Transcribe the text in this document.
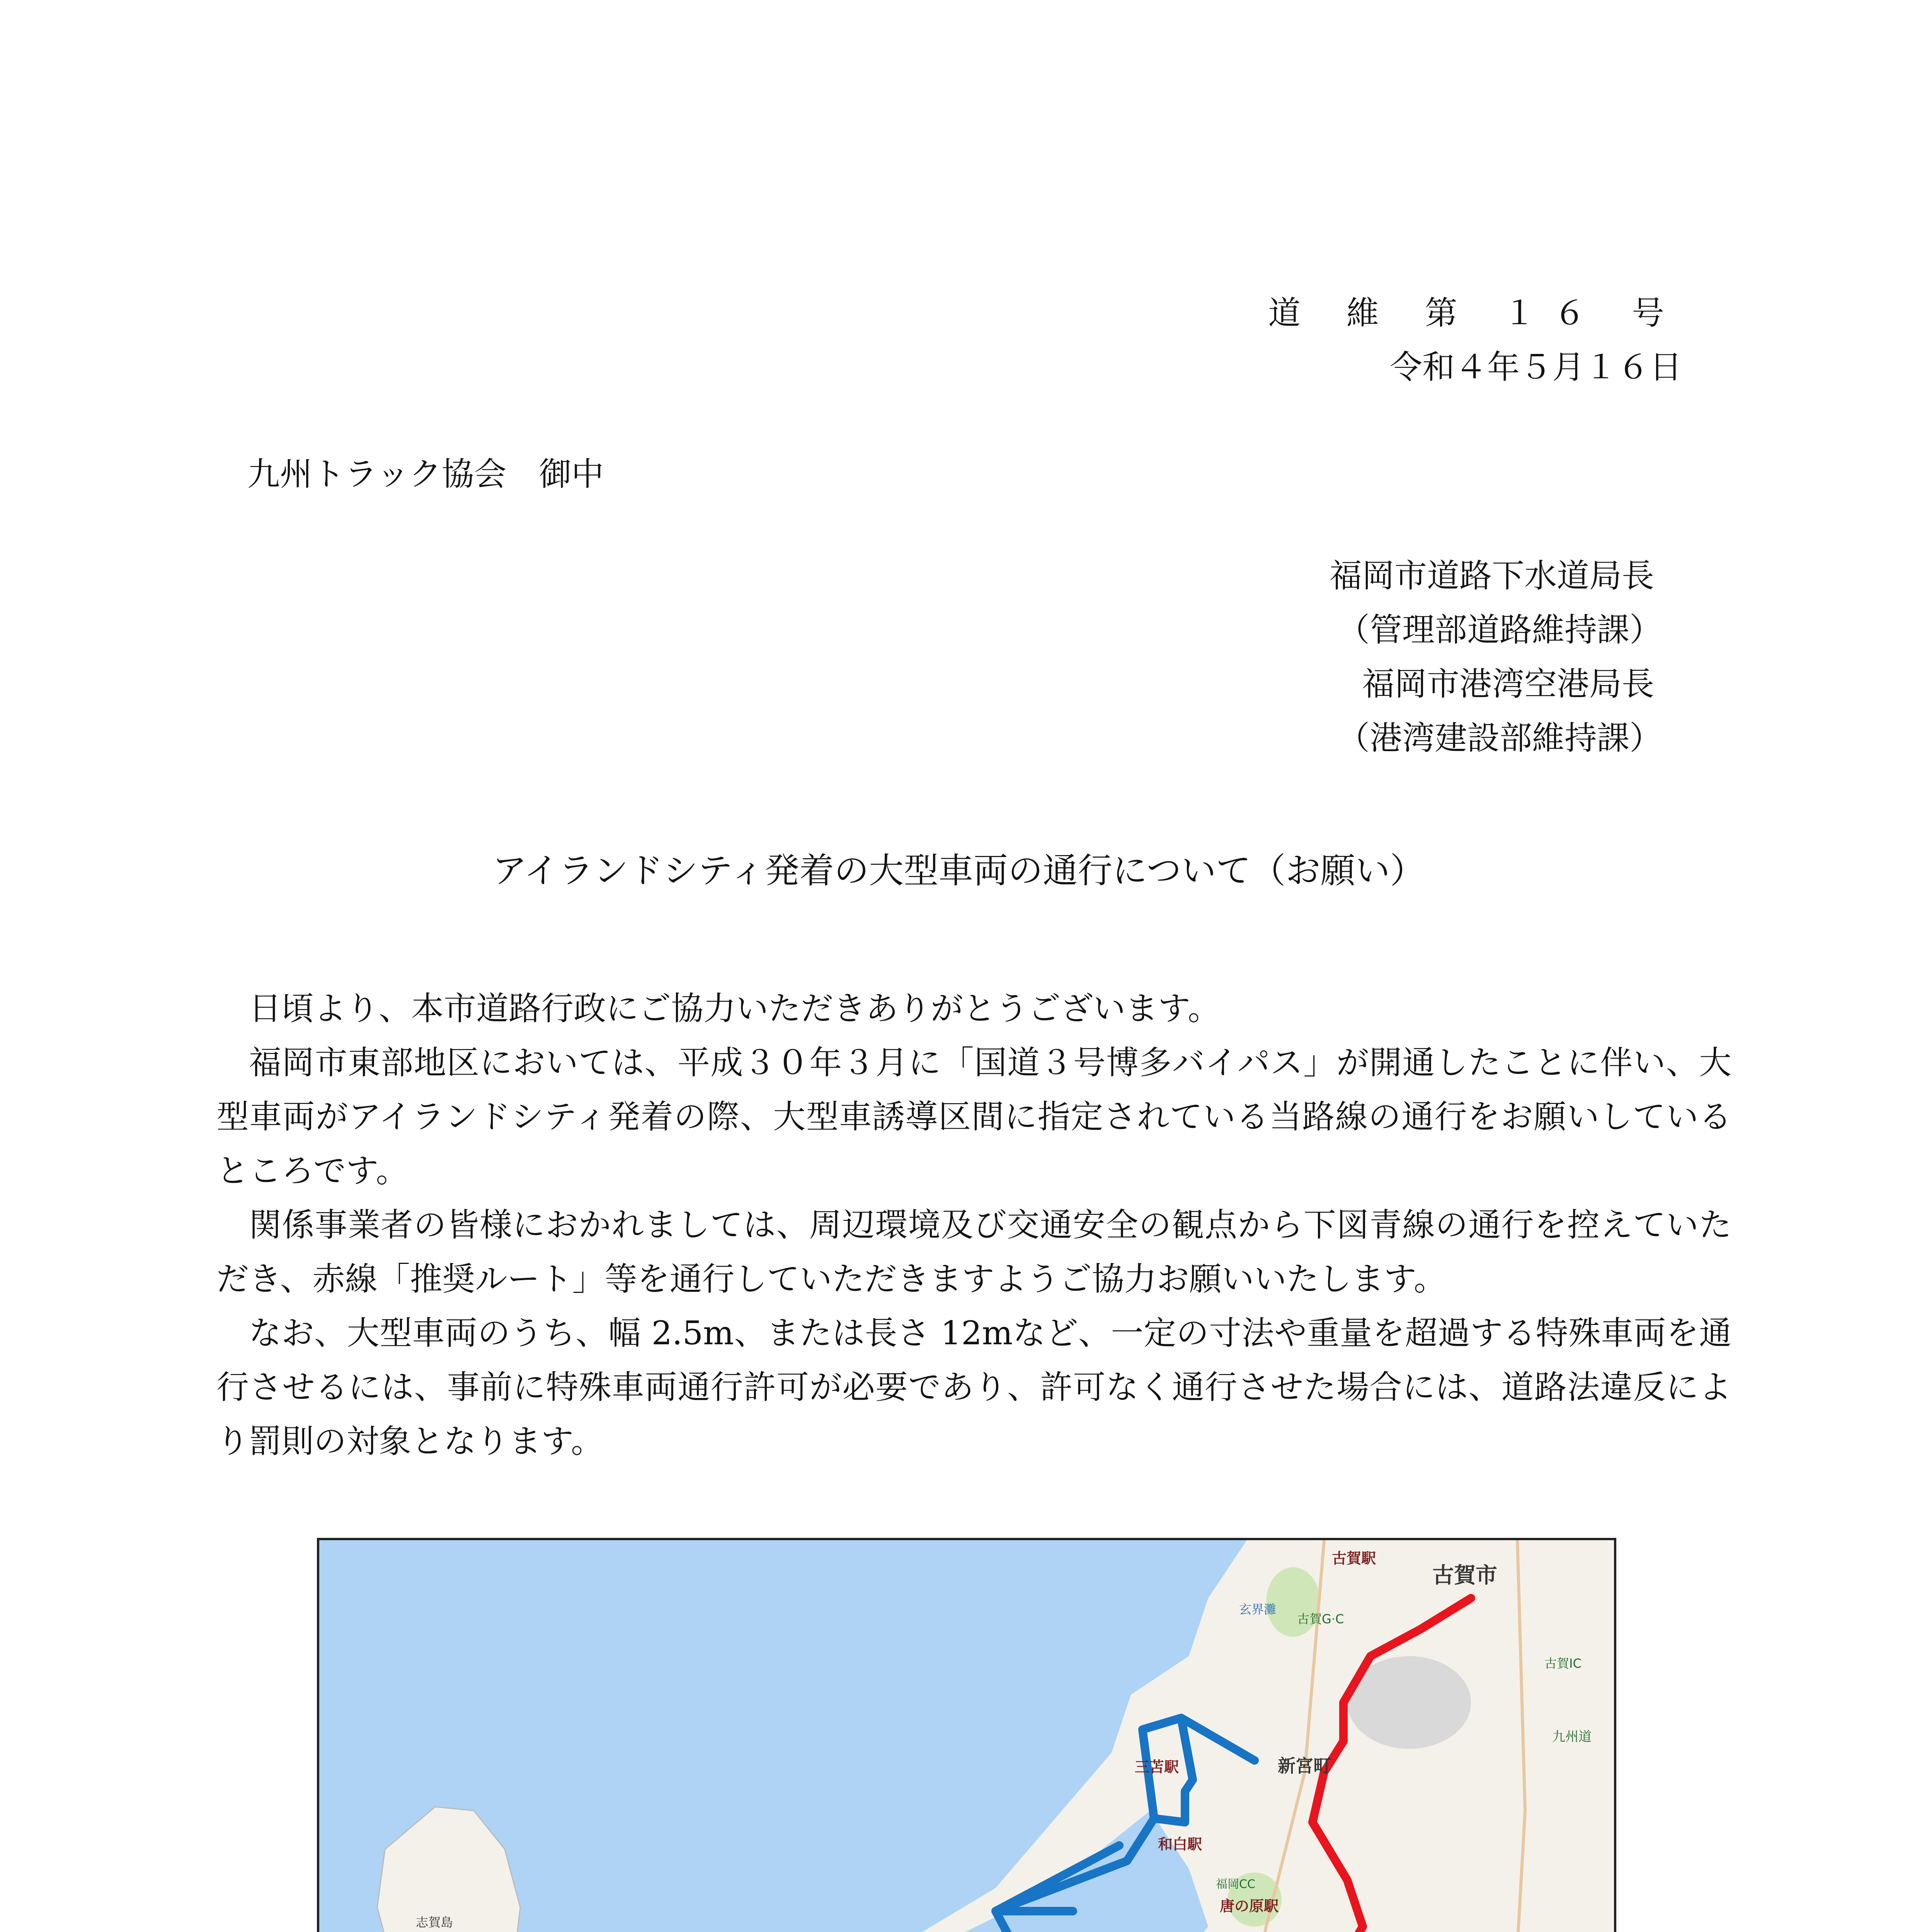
道 維 第 １６ 号
令和４年５月１６日
九州トラック協会　御中
福岡市道路下水道局長
（管理部道路維持課）
福岡市港湾空港局長
（港湾建設部維持課）
アイランドシティ発着の大型車両の通行について（お願い）

日頃より、本市道路行政にご協力いただきありがとうございます。

福岡市東部地区においては、平成３０年３月に「国道３号博多バイパス」が開通したことに伴い、大型車両がアイランドシティ発着の際、大型車誘導区間に指定されている当路線の通行をお願いしているところです。

関係事業者の皆様におかれましては、周辺環境及び交通安全の観点から下図青線の通行を控えていただき、赤線「推奨ルート」等を通行していただきますようご協力お願いいたします。

なお、大型車両のうち、幅 2.5m、または長さ 12mなど、一定の寸法や重量を超過する特殊車両を通行させるには、事前に特殊車両通行許可が必要であり、許可なく通行させた場合には、道路法違反により罰則の対象となります。

古賀駅
古賀市
玄界灘
古賀G·C
古賀IC
九州道
新宮町
三苫駅
和白駅
福岡CC
唐の原駅
志賀島
